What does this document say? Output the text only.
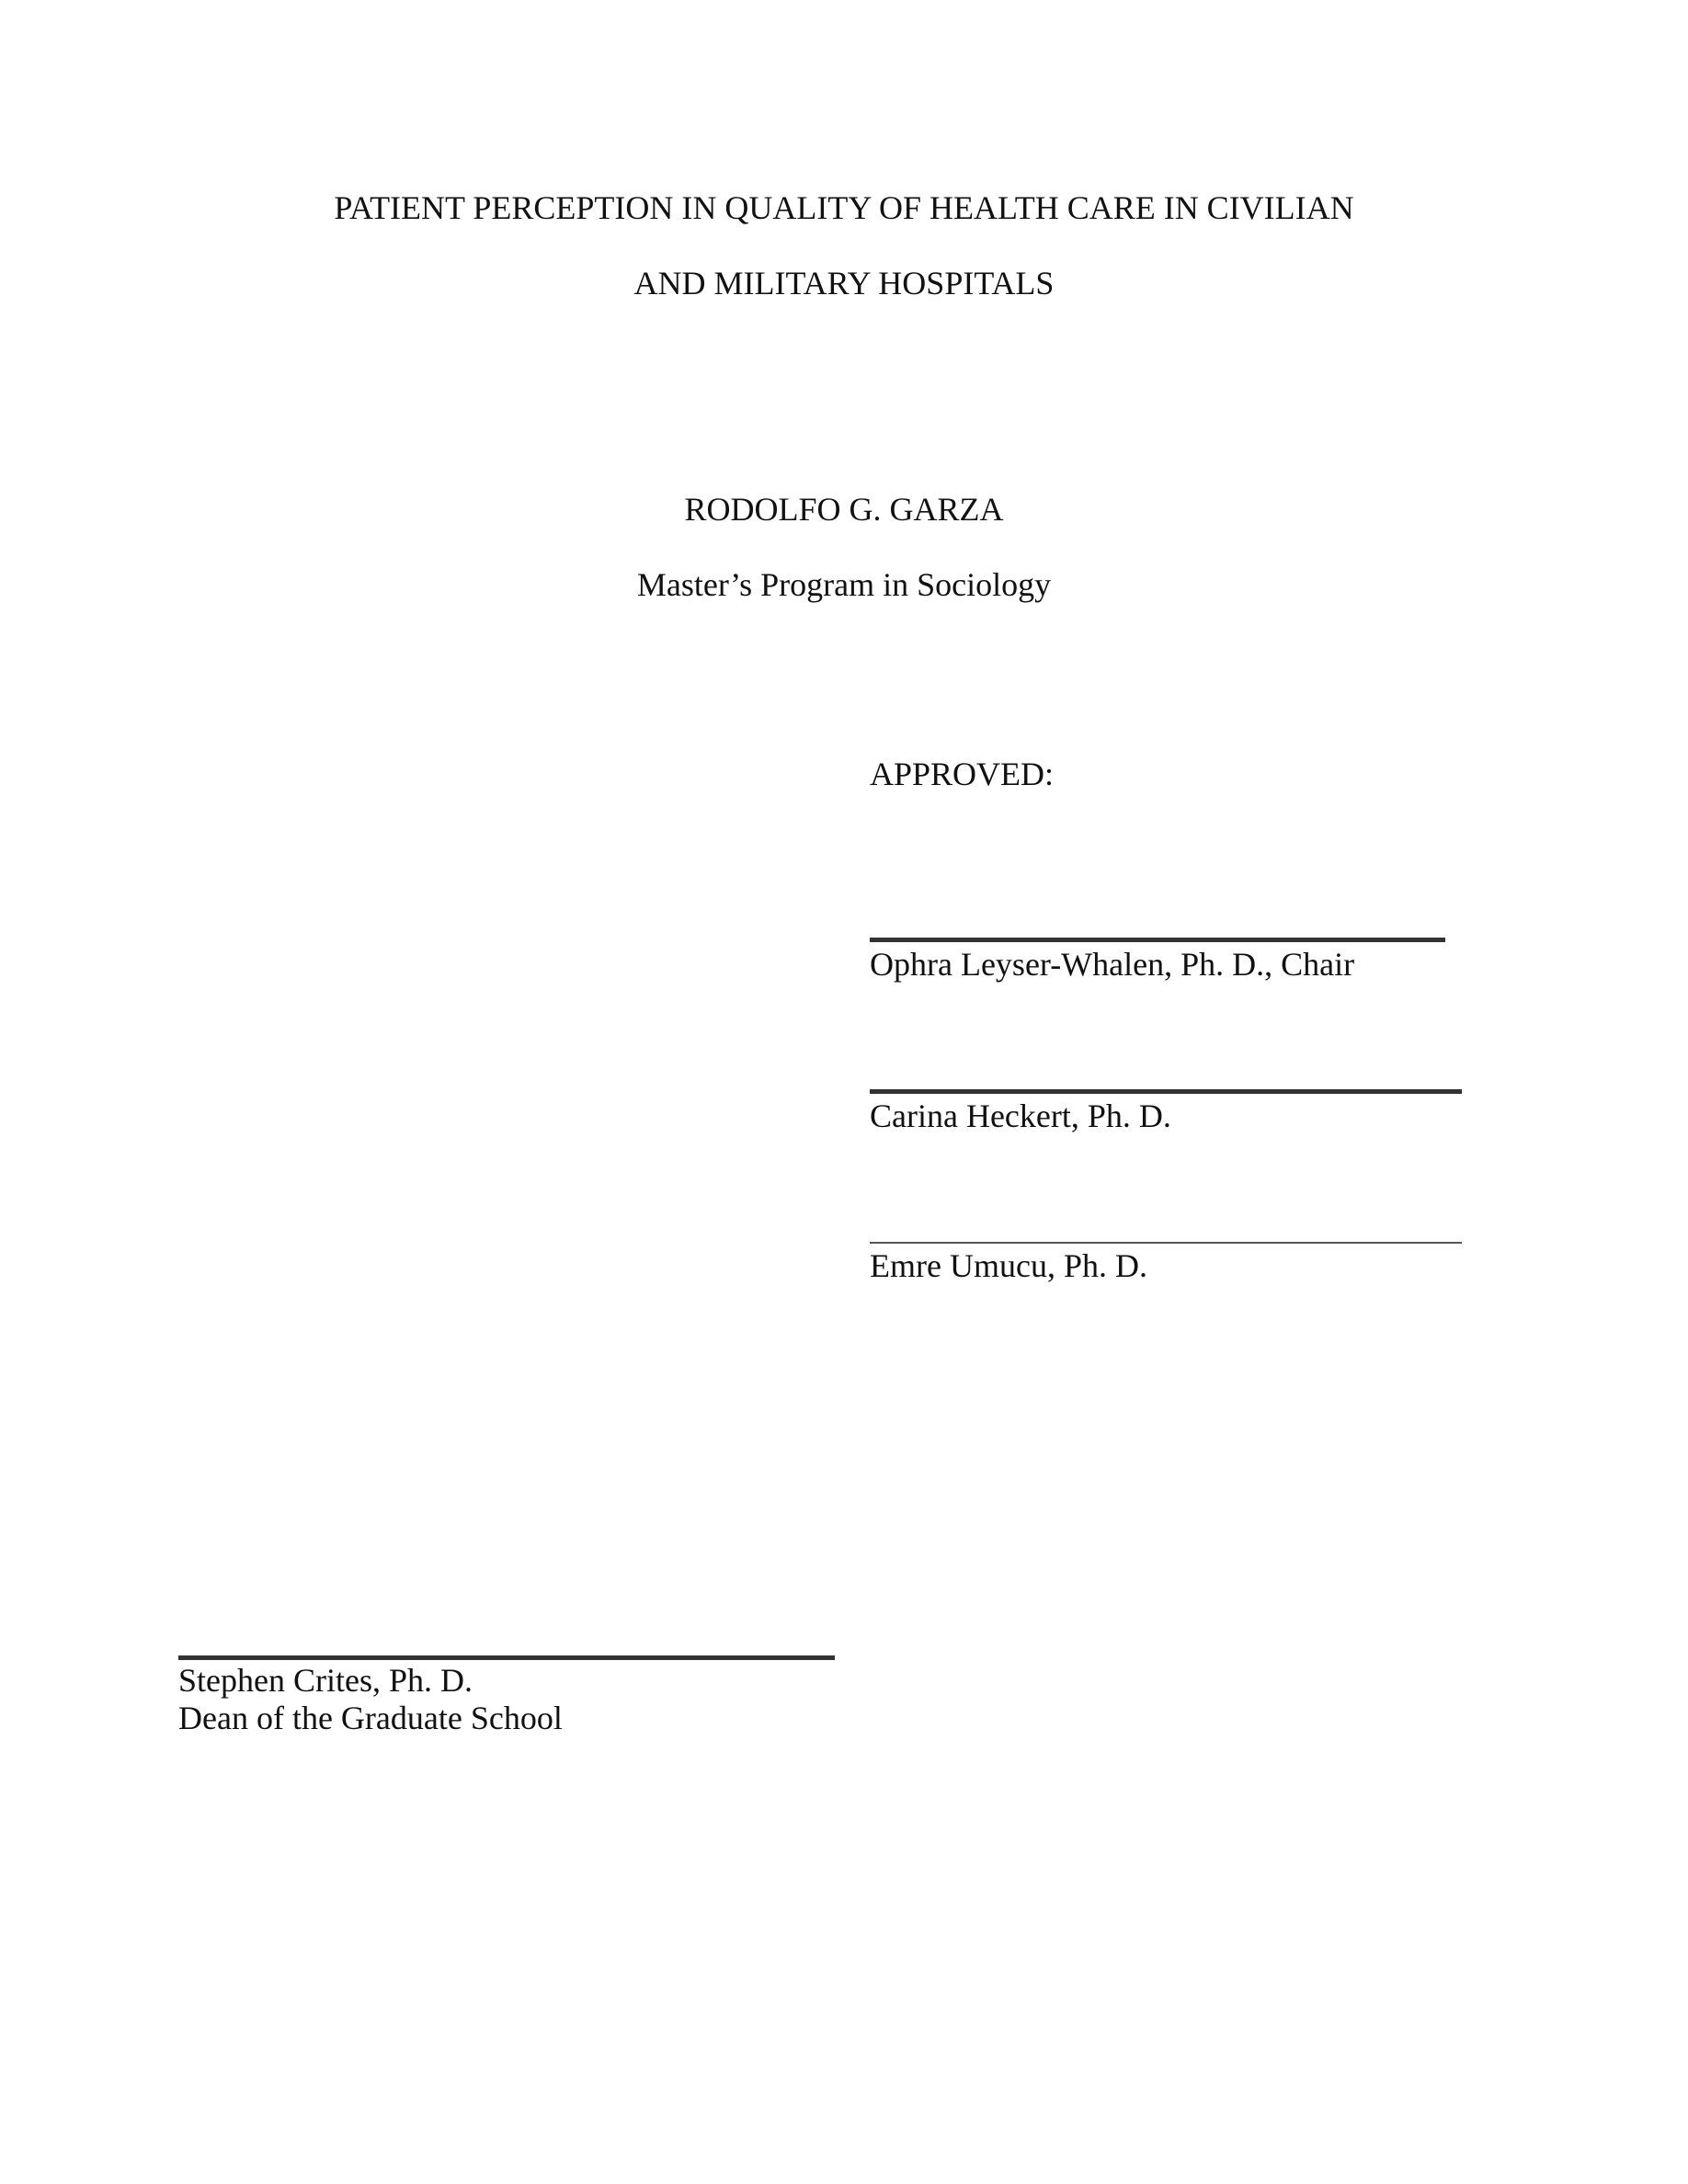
PATIENT PERCEPTION IN QUALITY OF HEALTH CARE IN CIVILIAN
AND MILITARY HOSPITALS
RODOLFO G. GARZA
Master’s Program in Sociology
APPROVED:
Ophra Leyser-Whalen, Ph. D., Chair
Carina Heckert, Ph. D.
Emre Umucu, Ph. D.
Stephen Crites, Ph. D.
Dean of the Graduate School
